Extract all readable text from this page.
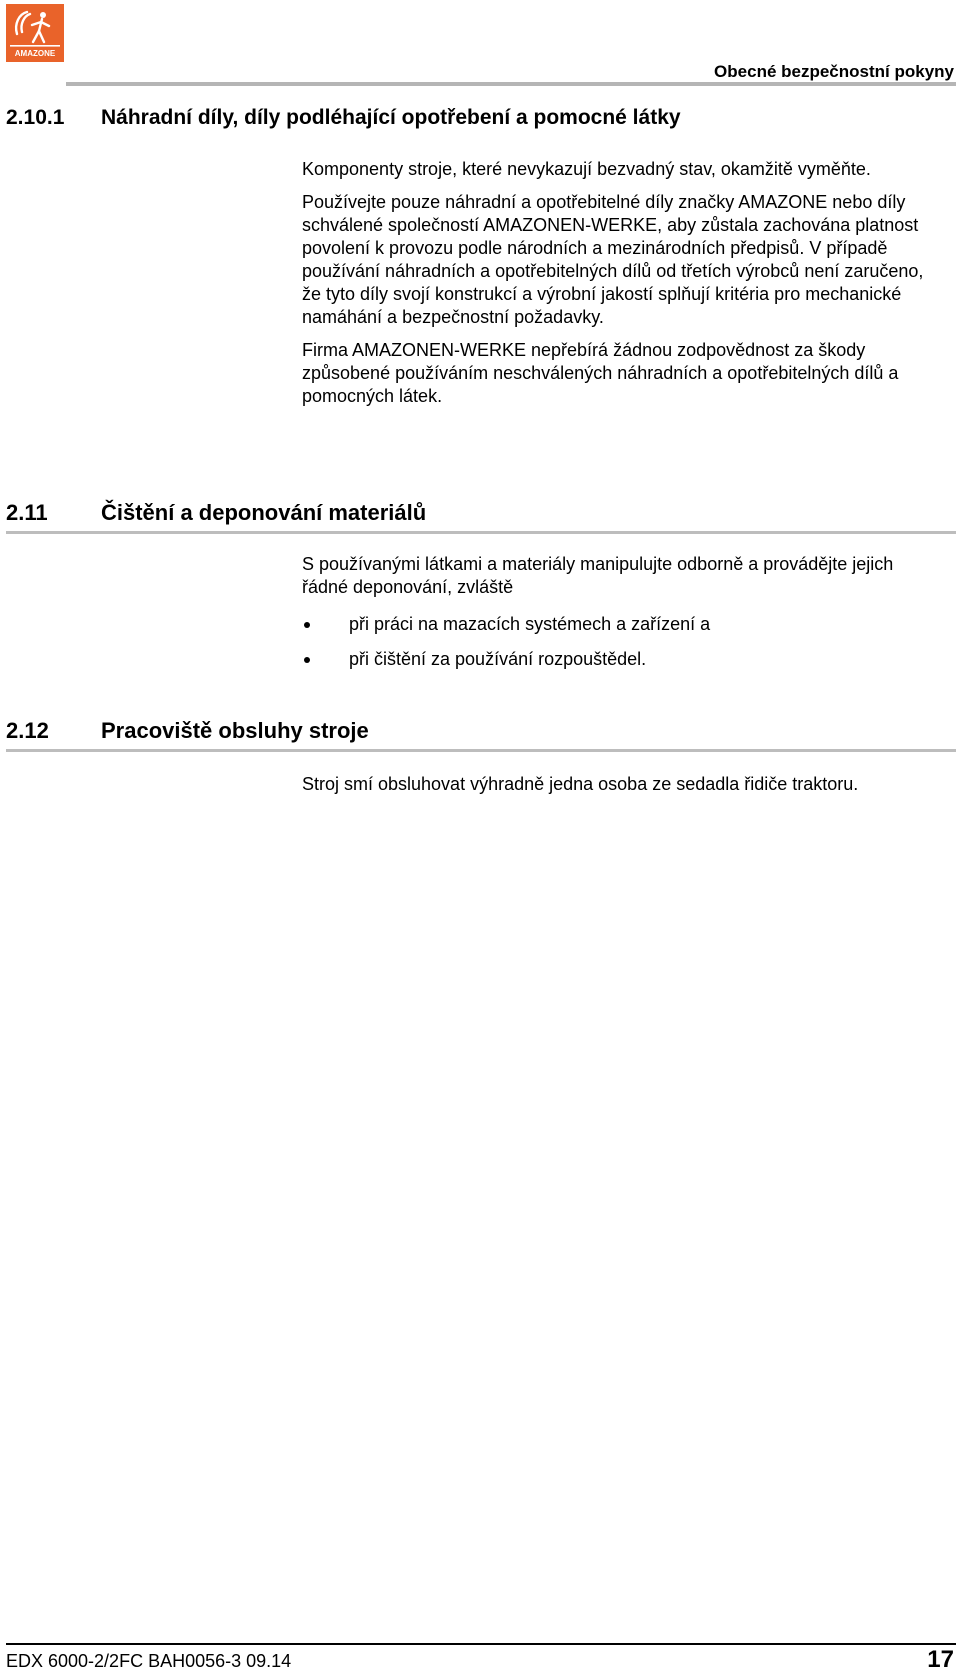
AMAZONE
Obecné bezpečnostní pokyny
2.10.1 Náhradní díly, díly podléhající opotřebení a pomocné látky

Komponenty stroje, které nevykazují bezvadný stav, okamžitě vyměňte.

Používejte pouze náhradní a opotřebitelné díly značky AMAZONE nebo díly schválené společností AMAZONEN-WERKE, aby zůstala zachována platnost povolení k provozu podle národních a mezinárodních předpisů. V případě používání náhradních a opotřebitelných dílů od třetích výrobců není zaručeno, že tyto díly svojí konstrukcí a výrobní jakostí splňují kritéria pro mechanické namáhání a bezpečnostní požadavky.

Firma AMAZONEN-WERKE nepřebírá žádnou zodpovědnost za škody způsobené používáním neschválených náhradních a opotřebitelných dílů a pomocných látek.

2.11 Čištění a deponování materiálů

S používanými látkami a materiály manipulujte odborně a provádějte jejich řádné deponování, zvláště

při práci na mazacích systémech a zařízení a
při čištění za používání rozpouštědel.
2.12 Pracoviště obsluhy stroje

Stroj smí obsluhovat výhradně jedna osoba ze sedadla řidiče traktoru.

EDX 6000-2/2FC BAH0056-3 09.14	17
